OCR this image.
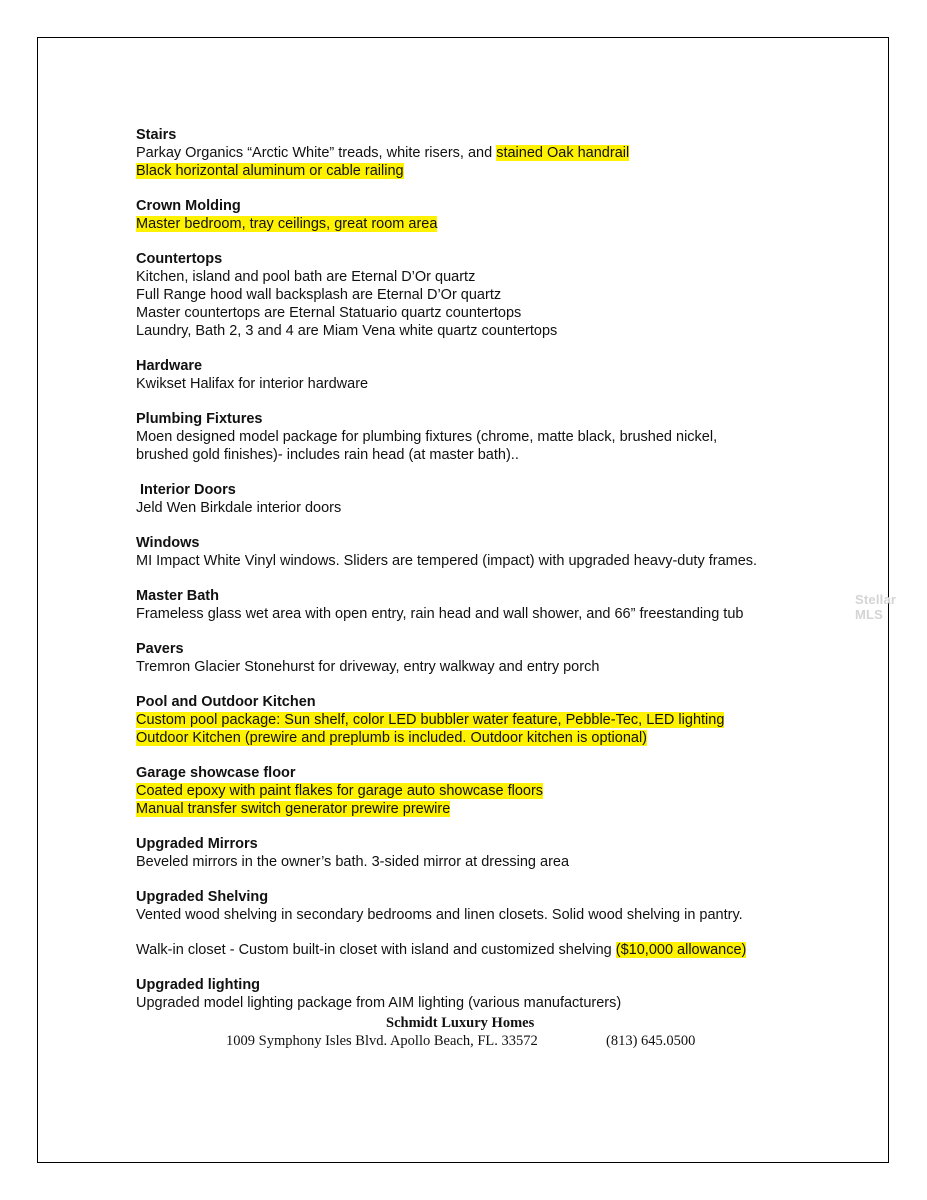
Stairs
Parkay Organics “Arctic White” treads, white risers, and stained Oak handrail
Black horizontal aluminum or cable railing
Crown Molding
Master bedroom, tray ceilings, great room area
Countertops
Kitchen, island and pool bath are Eternal D’Or quartz
Full Range hood wall backsplash are Eternal D’Or quartz
Master countertops are Eternal Statuario quartz countertops
Laundry, Bath 2, 3 and 4 are Miam Vena white quartz countertops
Hardware
Kwikset Halifax for interior hardware
Plumbing Fixtures
Moen designed model package for plumbing fixtures (chrome, matte black, brushed nickel,
brushed gold finishes)- includes rain head (at master bath)..
Interior Doors
Jeld Wen Birkdale interior doors
Windows
MI Impact White Vinyl windows. Sliders are tempered (impact) with upgraded heavy-duty frames.
Master Bath
Frameless glass wet area with open entry, rain head and wall shower, and 66” freestanding tub
Pavers
Tremron Glacier Stonehurst for driveway, entry walkway and entry porch
Pool and Outdoor Kitchen
Custom pool package: Sun shelf, color LED bubbler water feature, Pebble-Tec, LED lighting
Outdoor Kitchen (prewire and preplumb is included. Outdoor kitchen is optional)
Garage showcase floor
Coated epoxy with paint flakes for garage auto showcase floors
Manual transfer switch generator prewire prewire
Upgraded Mirrors
Beveled mirrors in the owner’s bath. 3-sided mirror at dressing area
Upgraded Shelving
Vented wood shelving in secondary bedrooms and linen closets. Solid wood shelving in pantry.
Walk-in closet - Custom built-in closet with island and customized shelving ($10,000 allowance)
Upgraded lighting
Upgraded model lighting package from AIM lighting (various manufacturers)
Schmidt Luxury Homes
1009 Symphony Isles Blvd. Apollo Beach, FL. 33572	(813) 645.0500
Stellar MLS
